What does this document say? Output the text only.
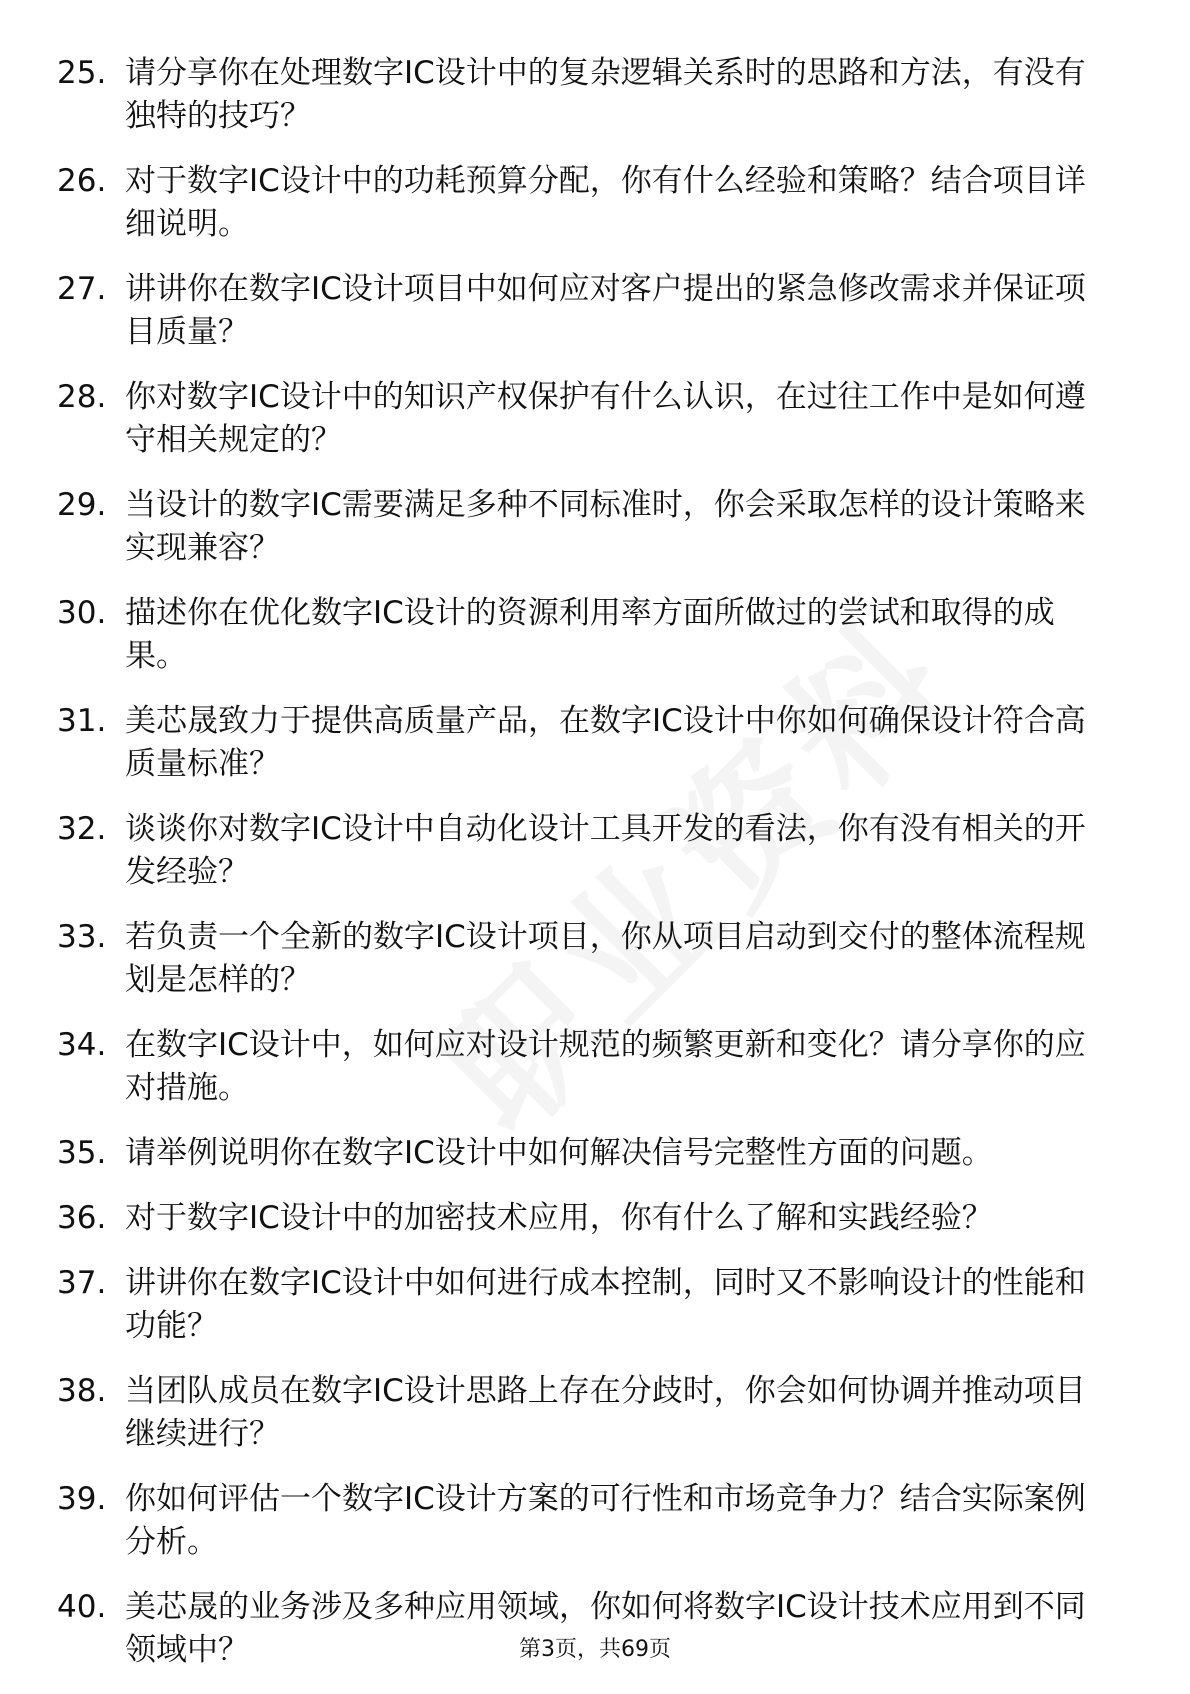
25. 请分享你在处理数字IC设计中的复杂逻辑关系时的思路和方法，有没有独特的技巧？
26. 对于数字IC设计中的功耗预算分配，你有什么经验和策略？结合项目详细说明。
27. 讲讲你在数字IC设计项目中如何应对客户提出的紧急修改需求并保证项目质量？
28. 你对数字IC设计中的知识产权保护有什么认识，在过往工作中是如何遵守相关规定的？
29. 当设计的数字IC需要满足多种不同标准时，你会采取怎样的设计策略来实现兼容？
30. 描述你在优化数字IC设计的资源利用率方面所做过的尝试和取得的成果。
31. 美芯晟致力于提供高质量产品，在数字IC设计中你如何确保设计符合高质量标准？
32. 谈谈你对数字IC设计中自动化设计工具开发的看法，你有没有相关的开发经验？
33. 若负责一个全新的数字IC设计项目，你从项目启动到交付的整体流程规划是怎样的？
34. 在数字IC设计中，如何应对设计规范的频繁更新和变化？请分享你的应对措施。
35. 请举例说明你在数字IC设计中如何解决信号完整性方面的问题。
36. 对于数字IC设计中的加密技术应用，你有什么了解和实践经验？
37. 讲讲你在数字IC设计中如何进行成本控制，同时又不影响设计的性能和功能？
38. 当团队成员在数字IC设计思路上存在分歧时，你会如何协调并推动项目继续进行？
39. 你如何评估一个数字IC设计方案的可行性和市场竞争力？结合实际案例分析。
40. 美芯晟的业务涉及多种应用领域，你如何将数字IC设计技术应用到不同领域中？	第3页，共69页
